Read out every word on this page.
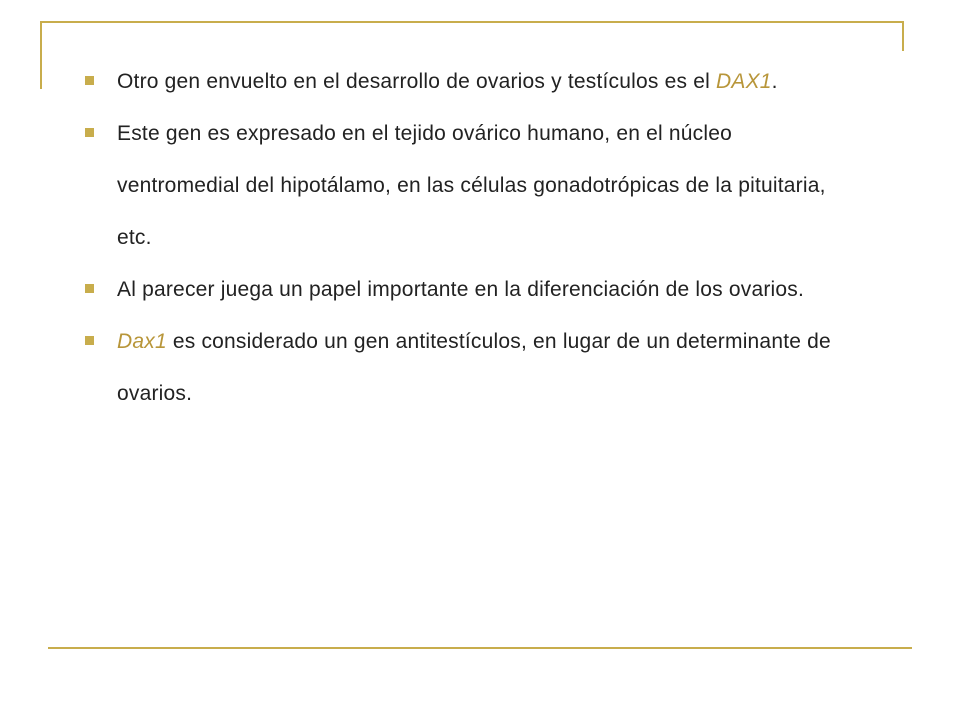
Otro gen envuelto en el desarrollo de ovarios y testículos es el DAX1.
Este gen es expresado en el tejido ovárico humano, en el núcleo ventromedial del hipotálamo, en las células gonadotrópicas de la pituitaria, etc.
Al parecer juega un papel importante en la diferenciación de los ovarios.
Dax1 es considerado un gen antitestículos, en lugar de un determinante de ovarios.
